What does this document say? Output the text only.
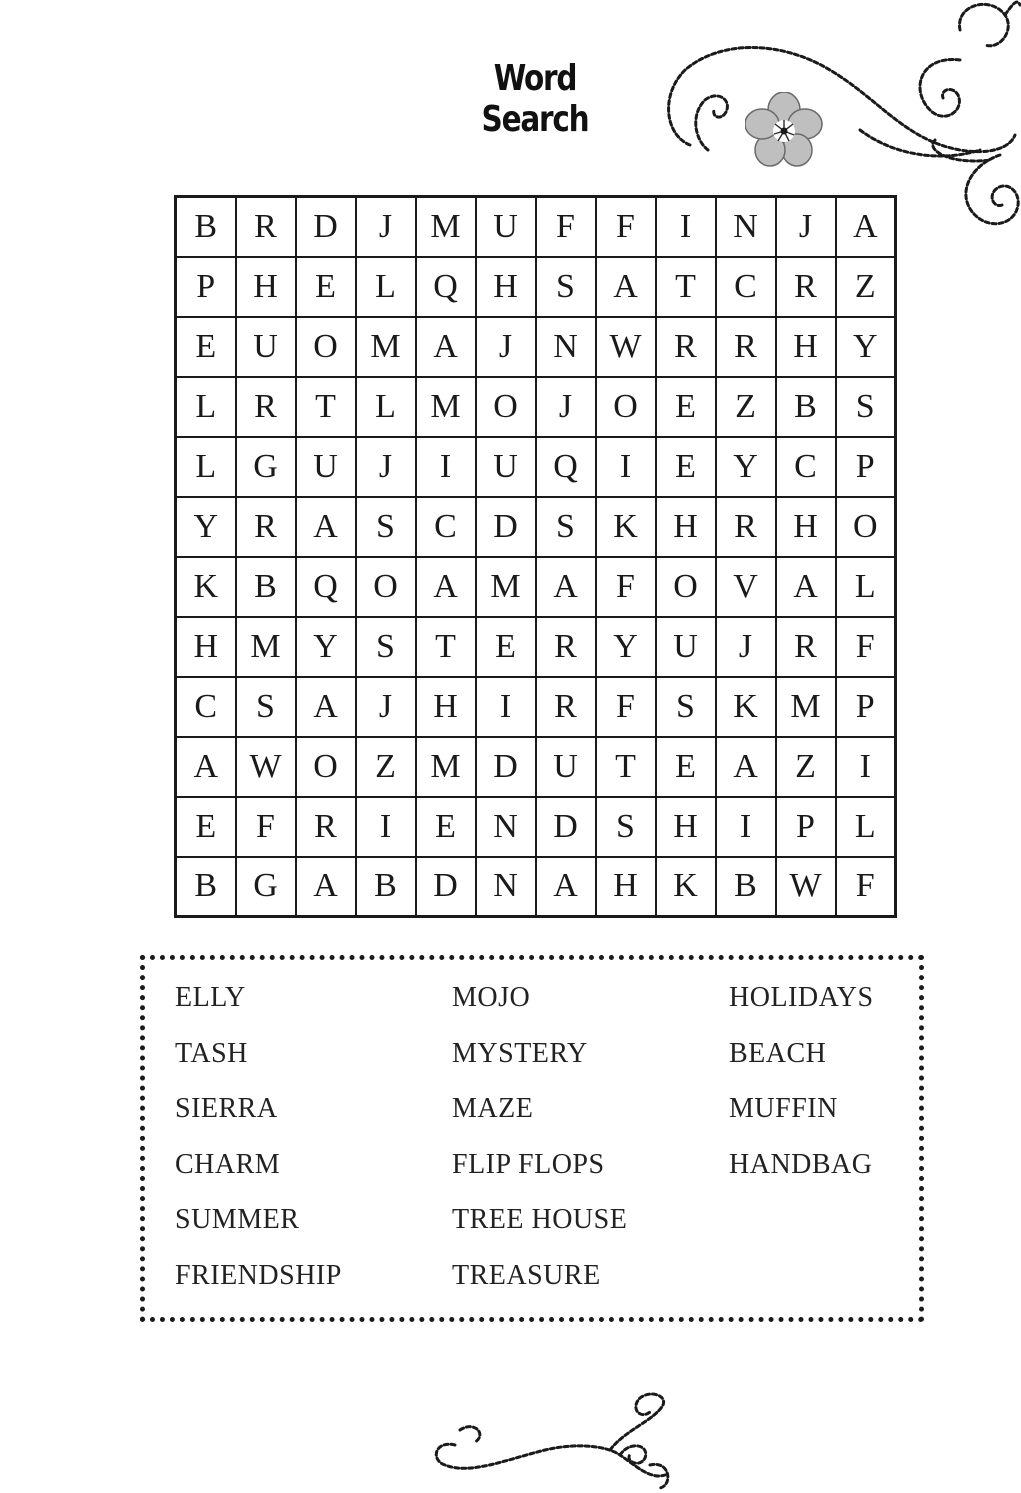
Word Search
B	R	D	J	M	U	F	F	I	N	J	A
P	H	E	L	Q	H	S	A	T	C	R	Z
E	U	O	M	A	J	N	W	R	R	H	Y
L	R	T	L	M	O	J	O	E	Z	B	S
L	G	U	J	I	U	Q	I	E	Y	C	P
Y	R	A	S	C	D	S	K	H	R	H	O
K	B	Q	O	A	M	A	F	O	V	A	L
H	M	Y	S	T	E	R	Y	U	J	R	F
C	S	A	J	H	I	R	F	S	K	M	P
A	W	O	Z	M	D	U	T	E	A	Z	I
E	F	R	I	E	N	D	S	H	I	P	L
B	G	A	B	D	N	A	H	K	B	W	F
ELLY
TASH
SIERRA
CHARM
SUMMER
FRIENDSHIP
MOJO
MYSTERY
MAZE
FLIP FLOPS
TREE HOUSE
TREASURE
HOLIDAYS
BEACH
MUFFIN
HANDBAG
